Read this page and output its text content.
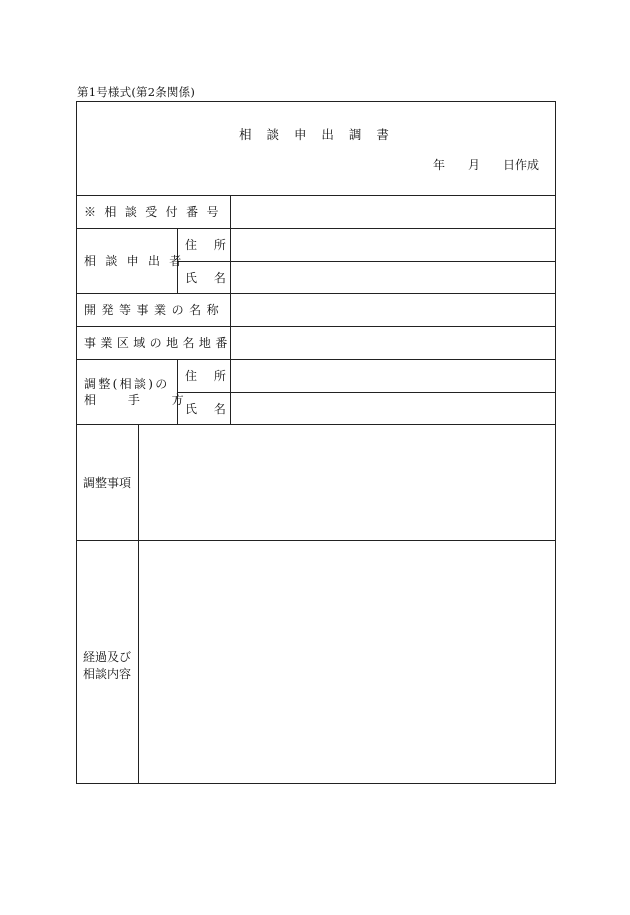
第1号様式(第2条関係)
相 談 申 出 調 書
年 月 日作成
※ 相 談 受 付 番 号
相 談 申 出 者
住 所
氏 名
開 発 等 事 業 の 名 称
事 業 区 域 の 地 名 地 番
調 整 ( 相 談 ) の
相 手 方
住 所
氏 名
調整事項
経過及び
相談内容
